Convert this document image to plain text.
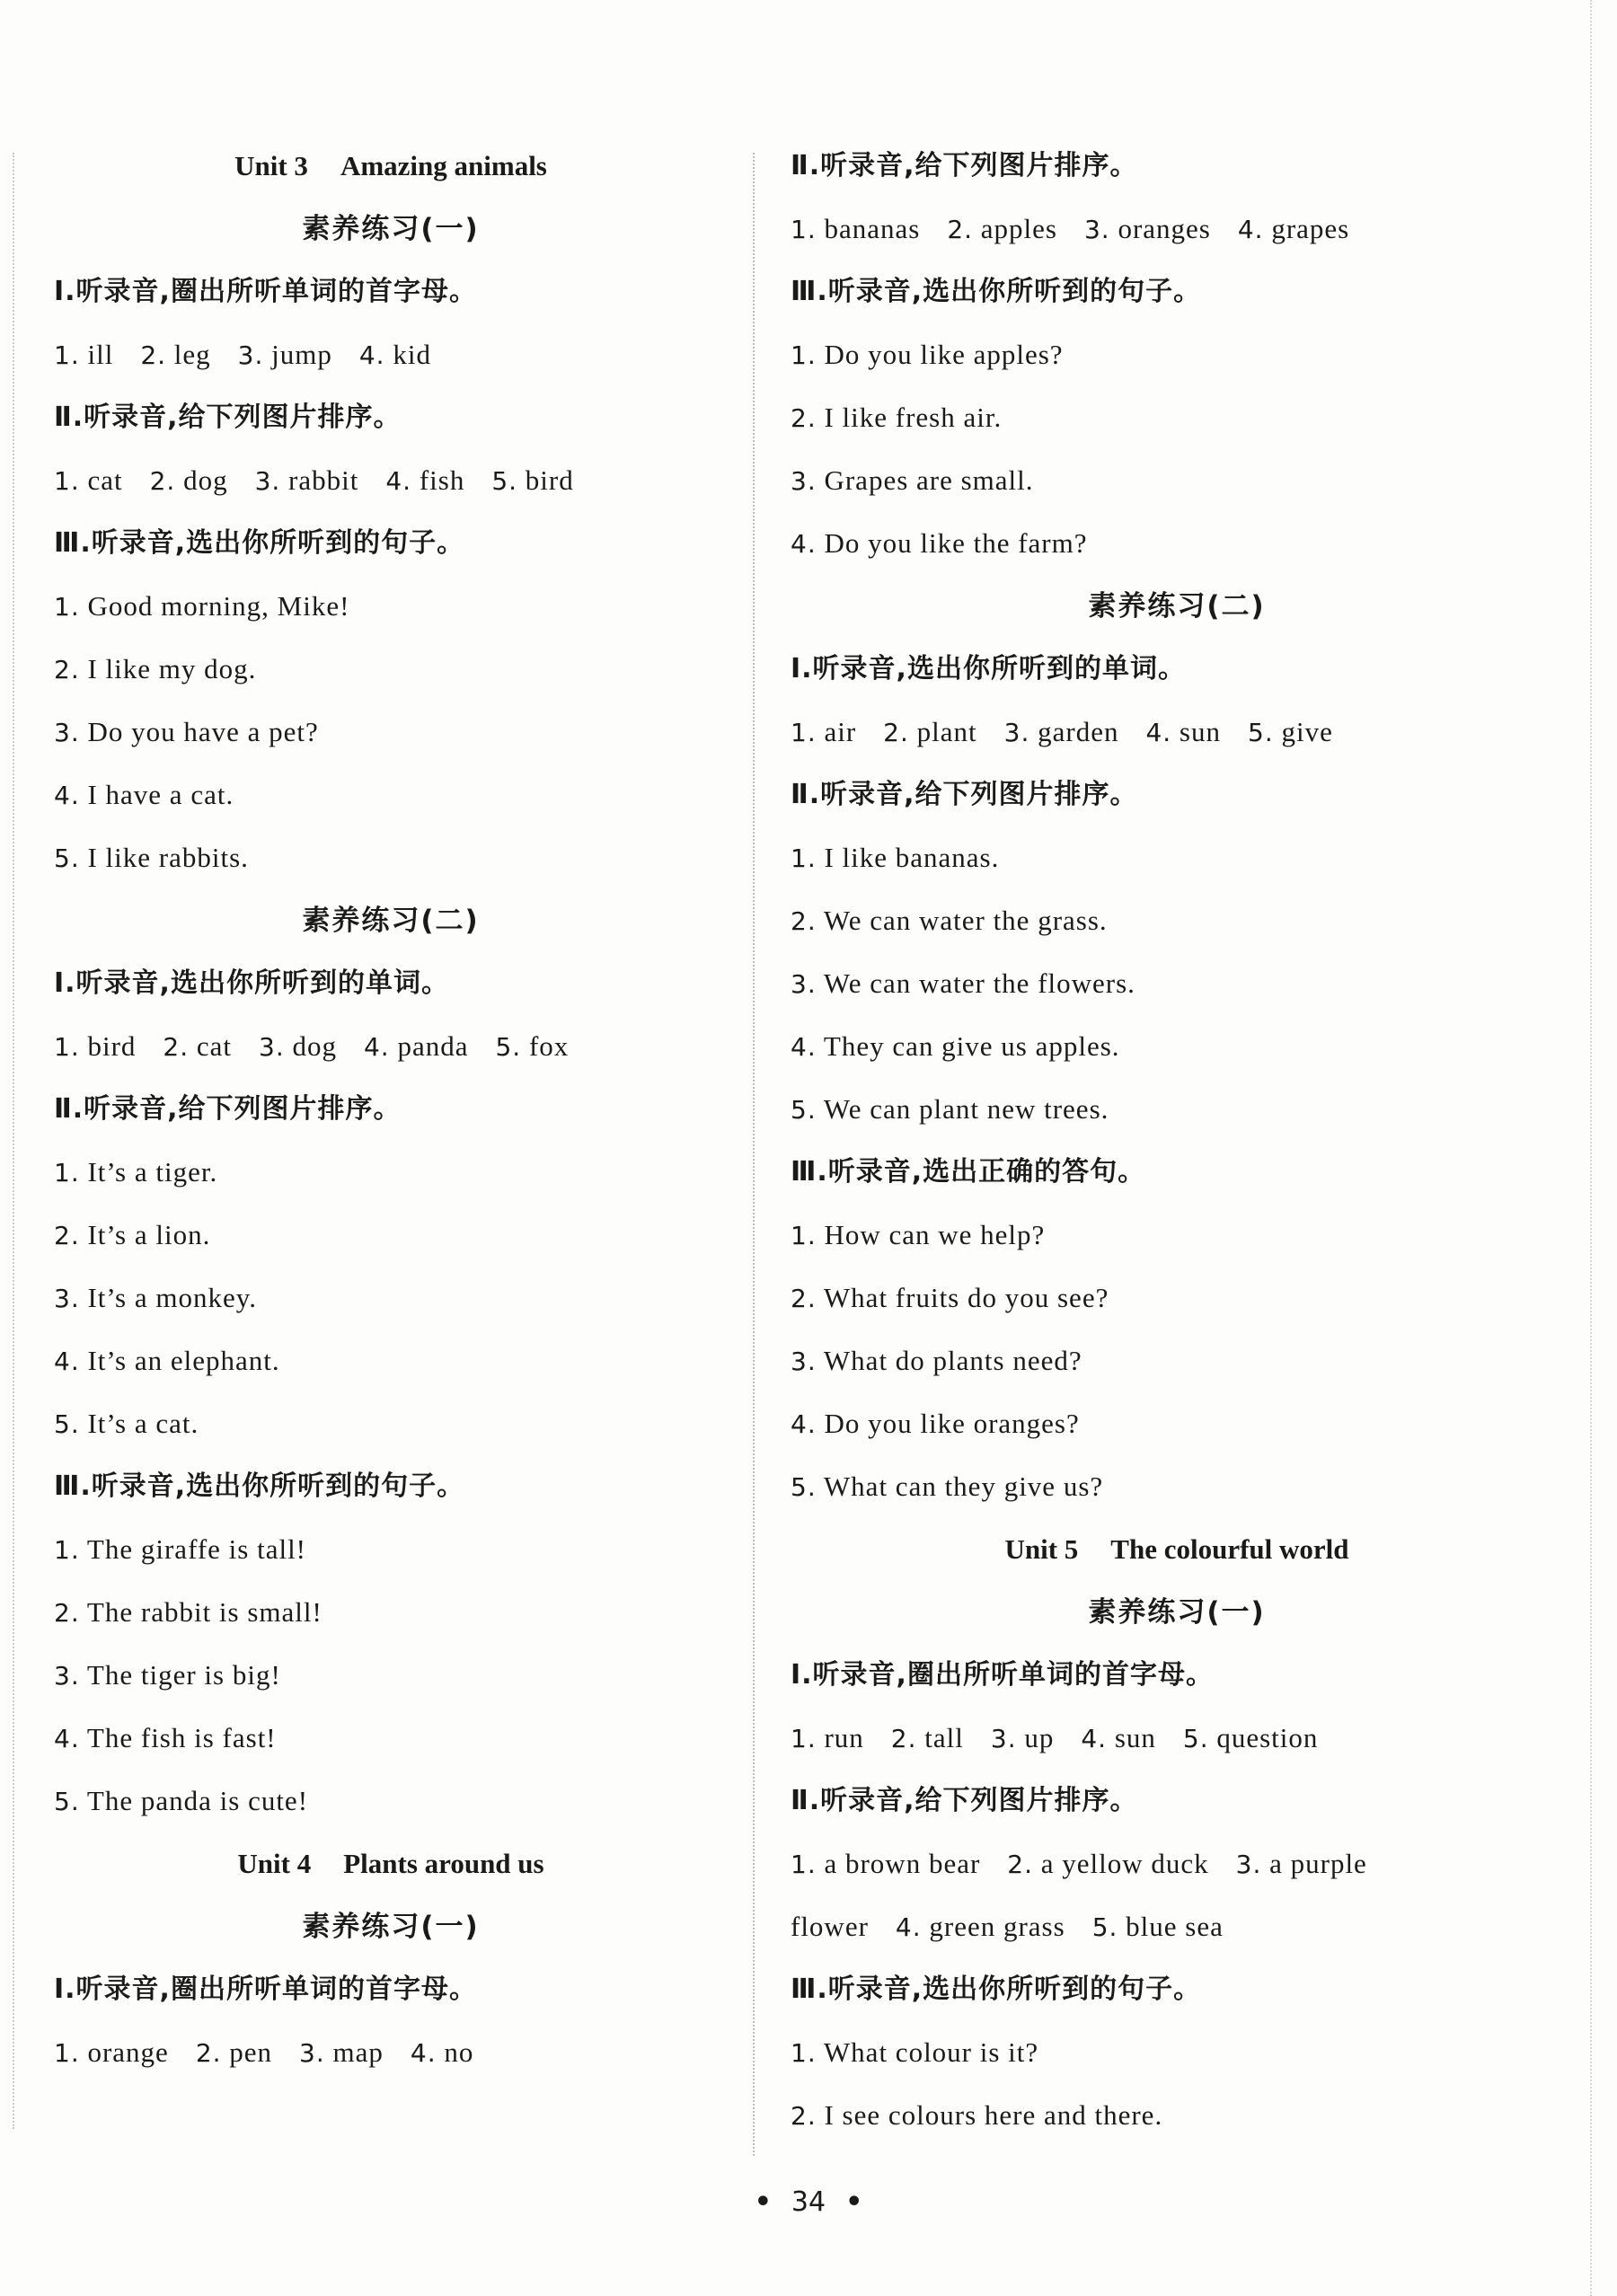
Unit 3 Amazing animals
素养练习(一)
Ⅰ.听录音,圈出所听单词的首字母。
1. ill 2. leg 3. jump 4. kid
Ⅱ.听录音,给下列图片排序。
1. cat 2. dog 3. rabbit 4. fish 5. bird
Ⅲ.听录音,选出你所听到的句子。
1. Good morning, Mike!
2. I like my dog.
3. Do you have a pet?
4. I have a cat.
5. I like rabbits.
素养练习(二)
Ⅰ.听录音,选出你所听到的单词。
1. bird 2. cat 3. dog 4. panda 5. fox
Ⅱ.听录音,给下列图片排序。
1. It’s a tiger.
2. It’s a lion.
3. It’s a monkey.
4. It’s an elephant.
5. It’s a cat.
Ⅲ.听录音,选出你所听到的句子。
1. The giraffe is tall!
2. The rabbit is small!
3. The tiger is big!
4. The fish is fast!
5. The panda is cute!
Unit 4 Plants around us
素养练习(一)
Ⅰ.听录音,圈出所听单词的首字母。
1. orange 2. pen 3. map 4. no
Ⅱ.听录音,给下列图片排序。
1. bananas 2. apples 3. oranges 4. grapes
Ⅲ.听录音,选出你所听到的句子。
1. Do you like apples?
2. I like fresh air.
3. Grapes are small.
4. Do you like the farm?
素养练习(二)
Ⅰ.听录音,选出你所听到的单词。
1. air 2. plant 3. garden 4. sun 5. give
Ⅱ.听录音,给下列图片排序。
1. I like bananas.
2. We can water the grass.
3. We can water the flowers.
4. They can give us apples.
5. We can plant new trees.
Ⅲ.听录音,选出正确的答句。
1. How can we help?
2. What fruits do you see?
3. What do plants need?
4. Do you like oranges?
5. What can they give us?
Unit 5 The colourful world
素养练习(一)
Ⅰ.听录音,圈出所听单词的首字母。
1. run 2. tall 3. up 4. sun 5. question
Ⅱ.听录音,给下列图片排序。
1. a brown bear 2. a yellow duck 3. a purple
flower 4. green grass 5. blue sea
Ⅲ.听录音,选出你所听到的句子。
1. What colour is it?
2. I see colours here and there.
• 34 •
